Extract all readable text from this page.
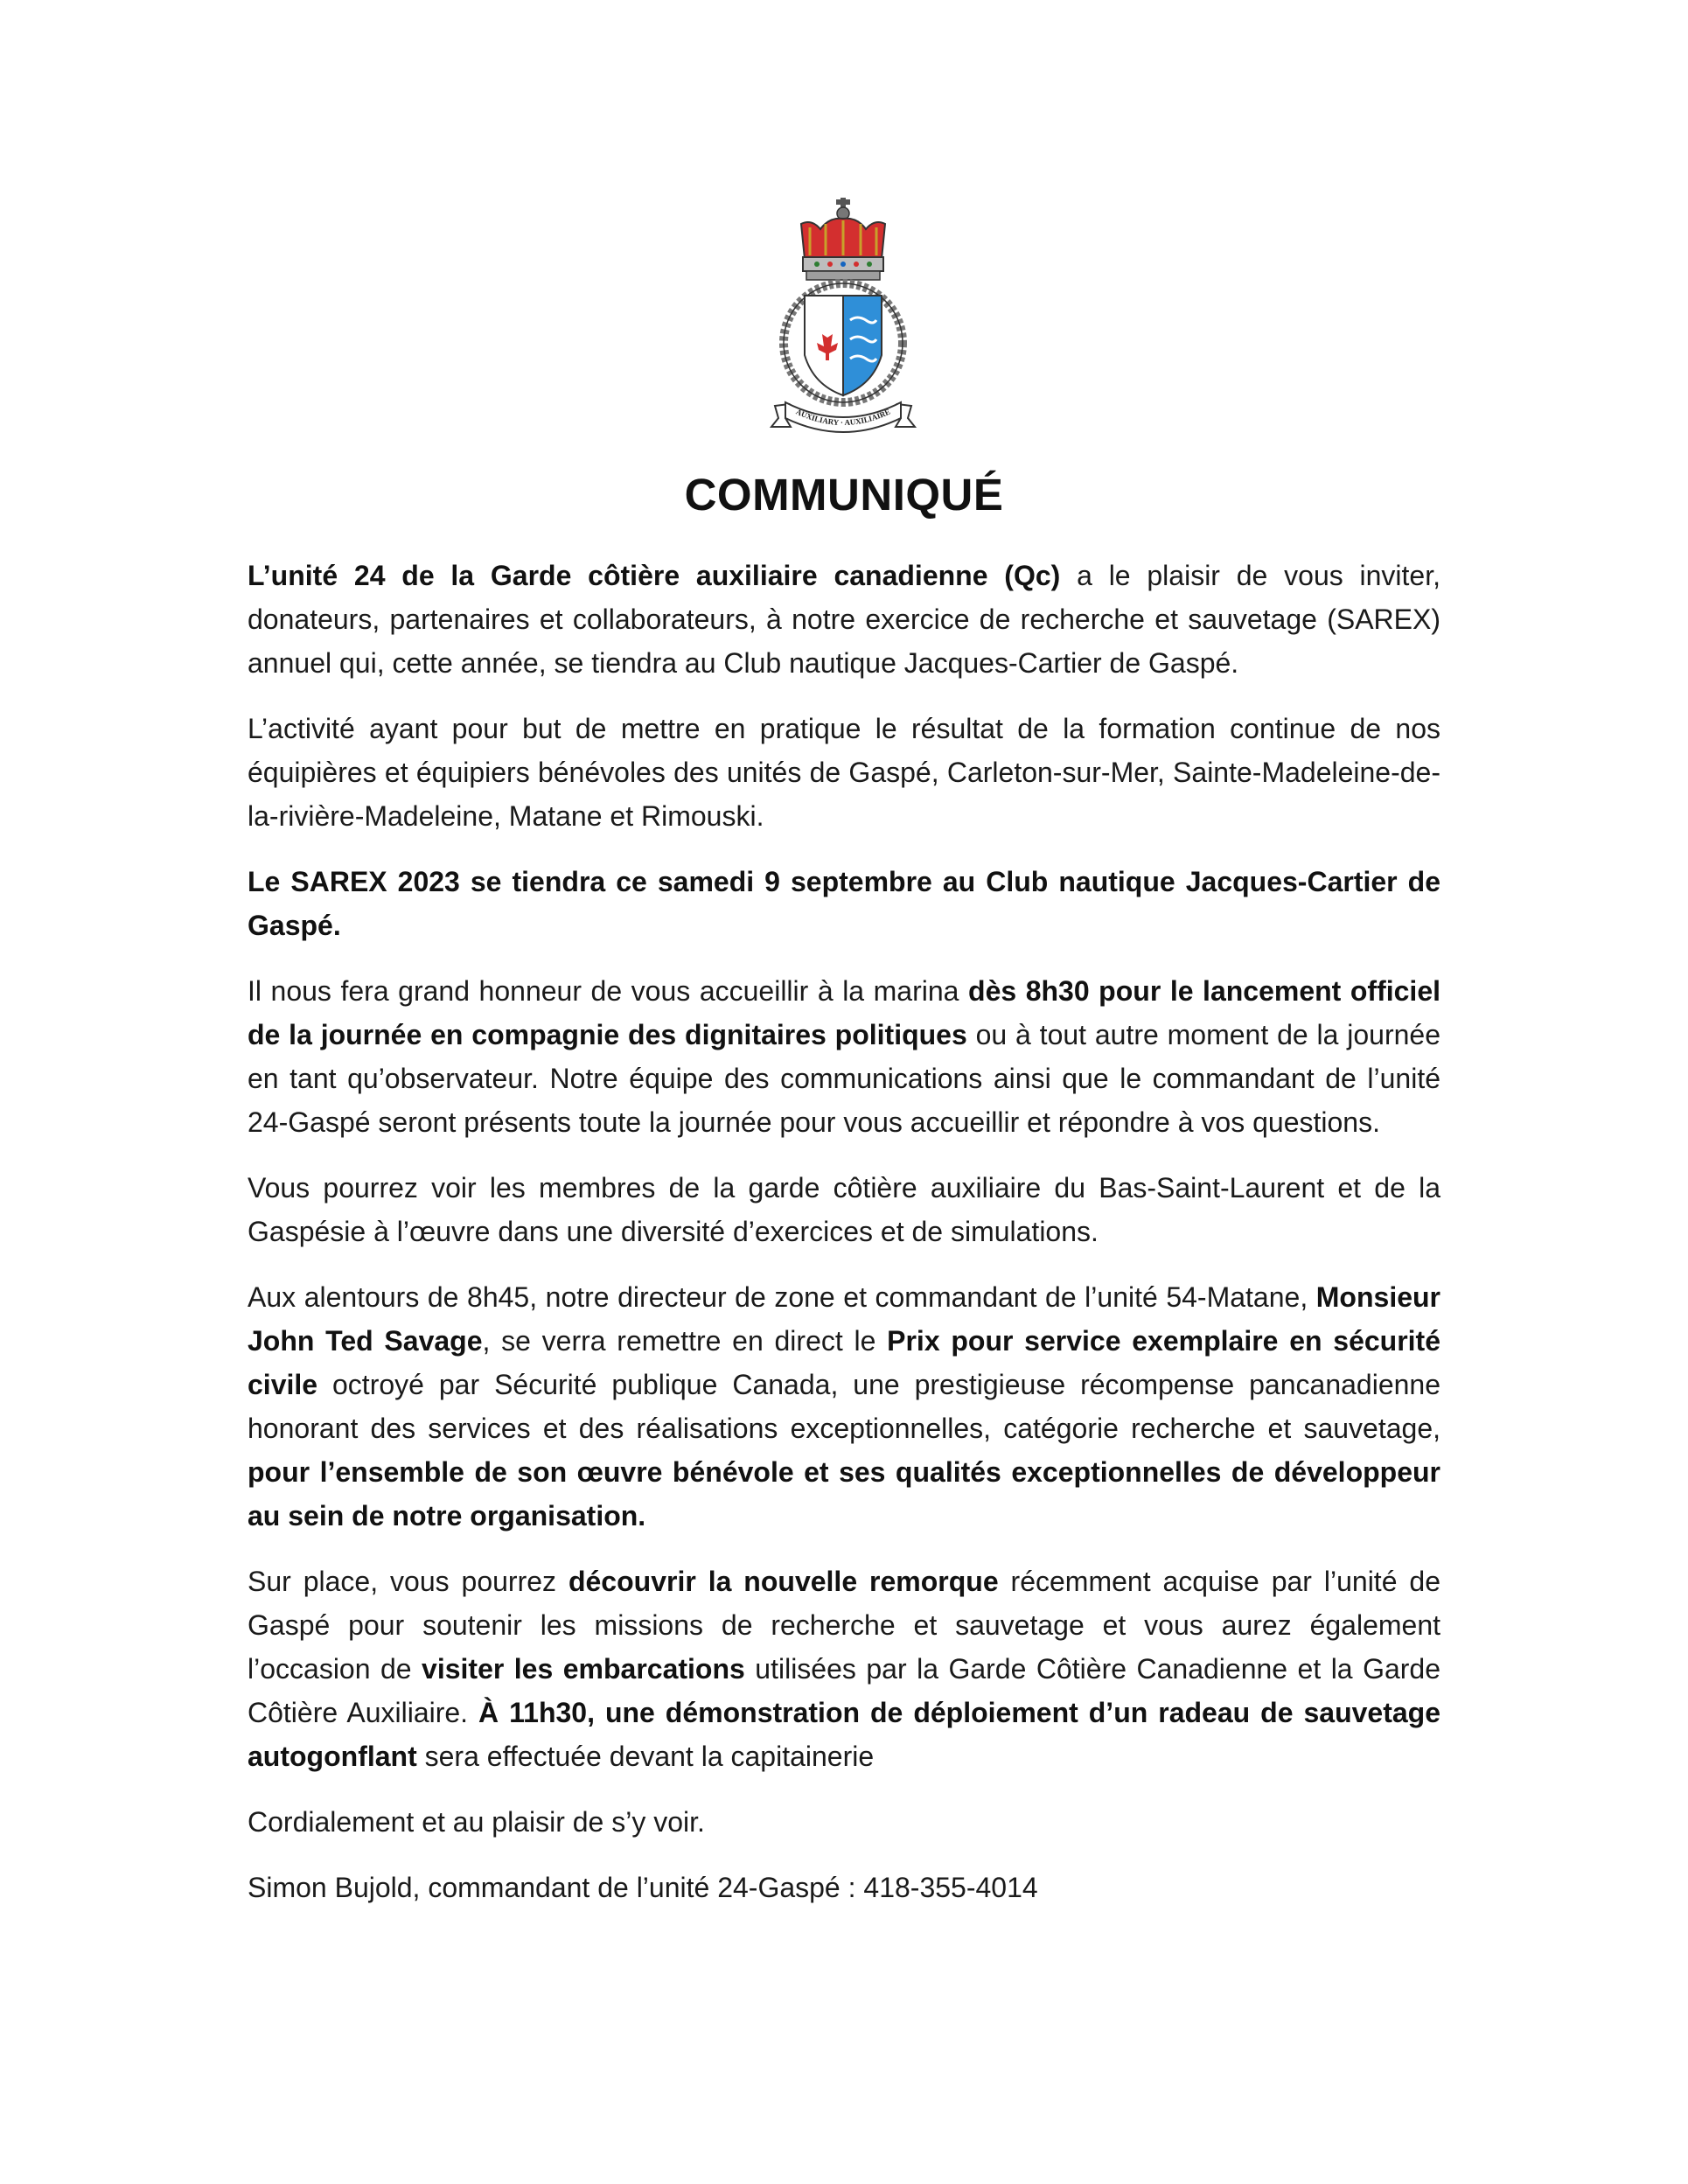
AUXILIARY · AUXILIAIRE
COMMUNIQUÉ

L’unité 24 de la Garde côtière auxiliaire canadienne (Qc) a le plaisir de vous inviter, donateurs, partenaires et collaborateurs, à notre exercice de recherche et sauvetage (SAREX) annuel qui, cette année, se tiendra au Club nautique Jacques-Cartier de Gaspé.

L’activité ayant pour but de mettre en pratique le résultat de la formation continue de nos équipières et équipiers bénévoles des unités de Gaspé, Carleton-sur-Mer, Sainte-Madeleine-de-la-rivière-Madeleine, Matane et Rimouski.

Le SAREX 2023 se tiendra ce samedi 9 septembre au Club nautique Jacques-Cartier de Gaspé.

Il nous fera grand honneur de vous accueillir à la marina dès 8h30 pour le lancement officiel de la journée en compagnie des dignitaires politiques ou à tout autre moment de la journée en tant qu’observateur. Notre équipe des communications ainsi que le commandant de l’unité 24-Gaspé seront présents toute la journée pour vous accueillir et répondre à vos questions.

Vous pourrez voir les membres de la garde côtière auxiliaire du Bas-Saint-Laurent et de la Gaspésie à l’œuvre dans une diversité d’exercices et de simulations.

Aux alentours de 8h45, notre directeur de zone et commandant de l’unité 54-Matane, Monsieur John Ted Savage, se verra remettre en direct le Prix pour service exemplaire en sécurité civile octroyé par Sécurité publique Canada, une prestigieuse récompense pancanadienne honorant des services et des réalisations exceptionnelles, catégorie recherche et sauvetage, pour l’ensemble de son œuvre bénévole et ses qualités exceptionnelles de développeur au sein de notre organisation.

Sur place, vous pourrez découvrir la nouvelle remorque récemment acquise par l’unité de Gaspé pour soutenir les missions de recherche et sauvetage et vous aurez également l’occasion de visiter les embarcations utilisées par la Garde Côtière Canadienne et la Garde Côtière Auxiliaire. À 11h30, une démonstration de déploiement d’un radeau de sauvetage autogonflant sera effectuée devant la capitainerie

Cordialement et au plaisir de s’y voir.

Simon Bujold, commandant de l’unité 24-Gaspé : 418-355-4014
